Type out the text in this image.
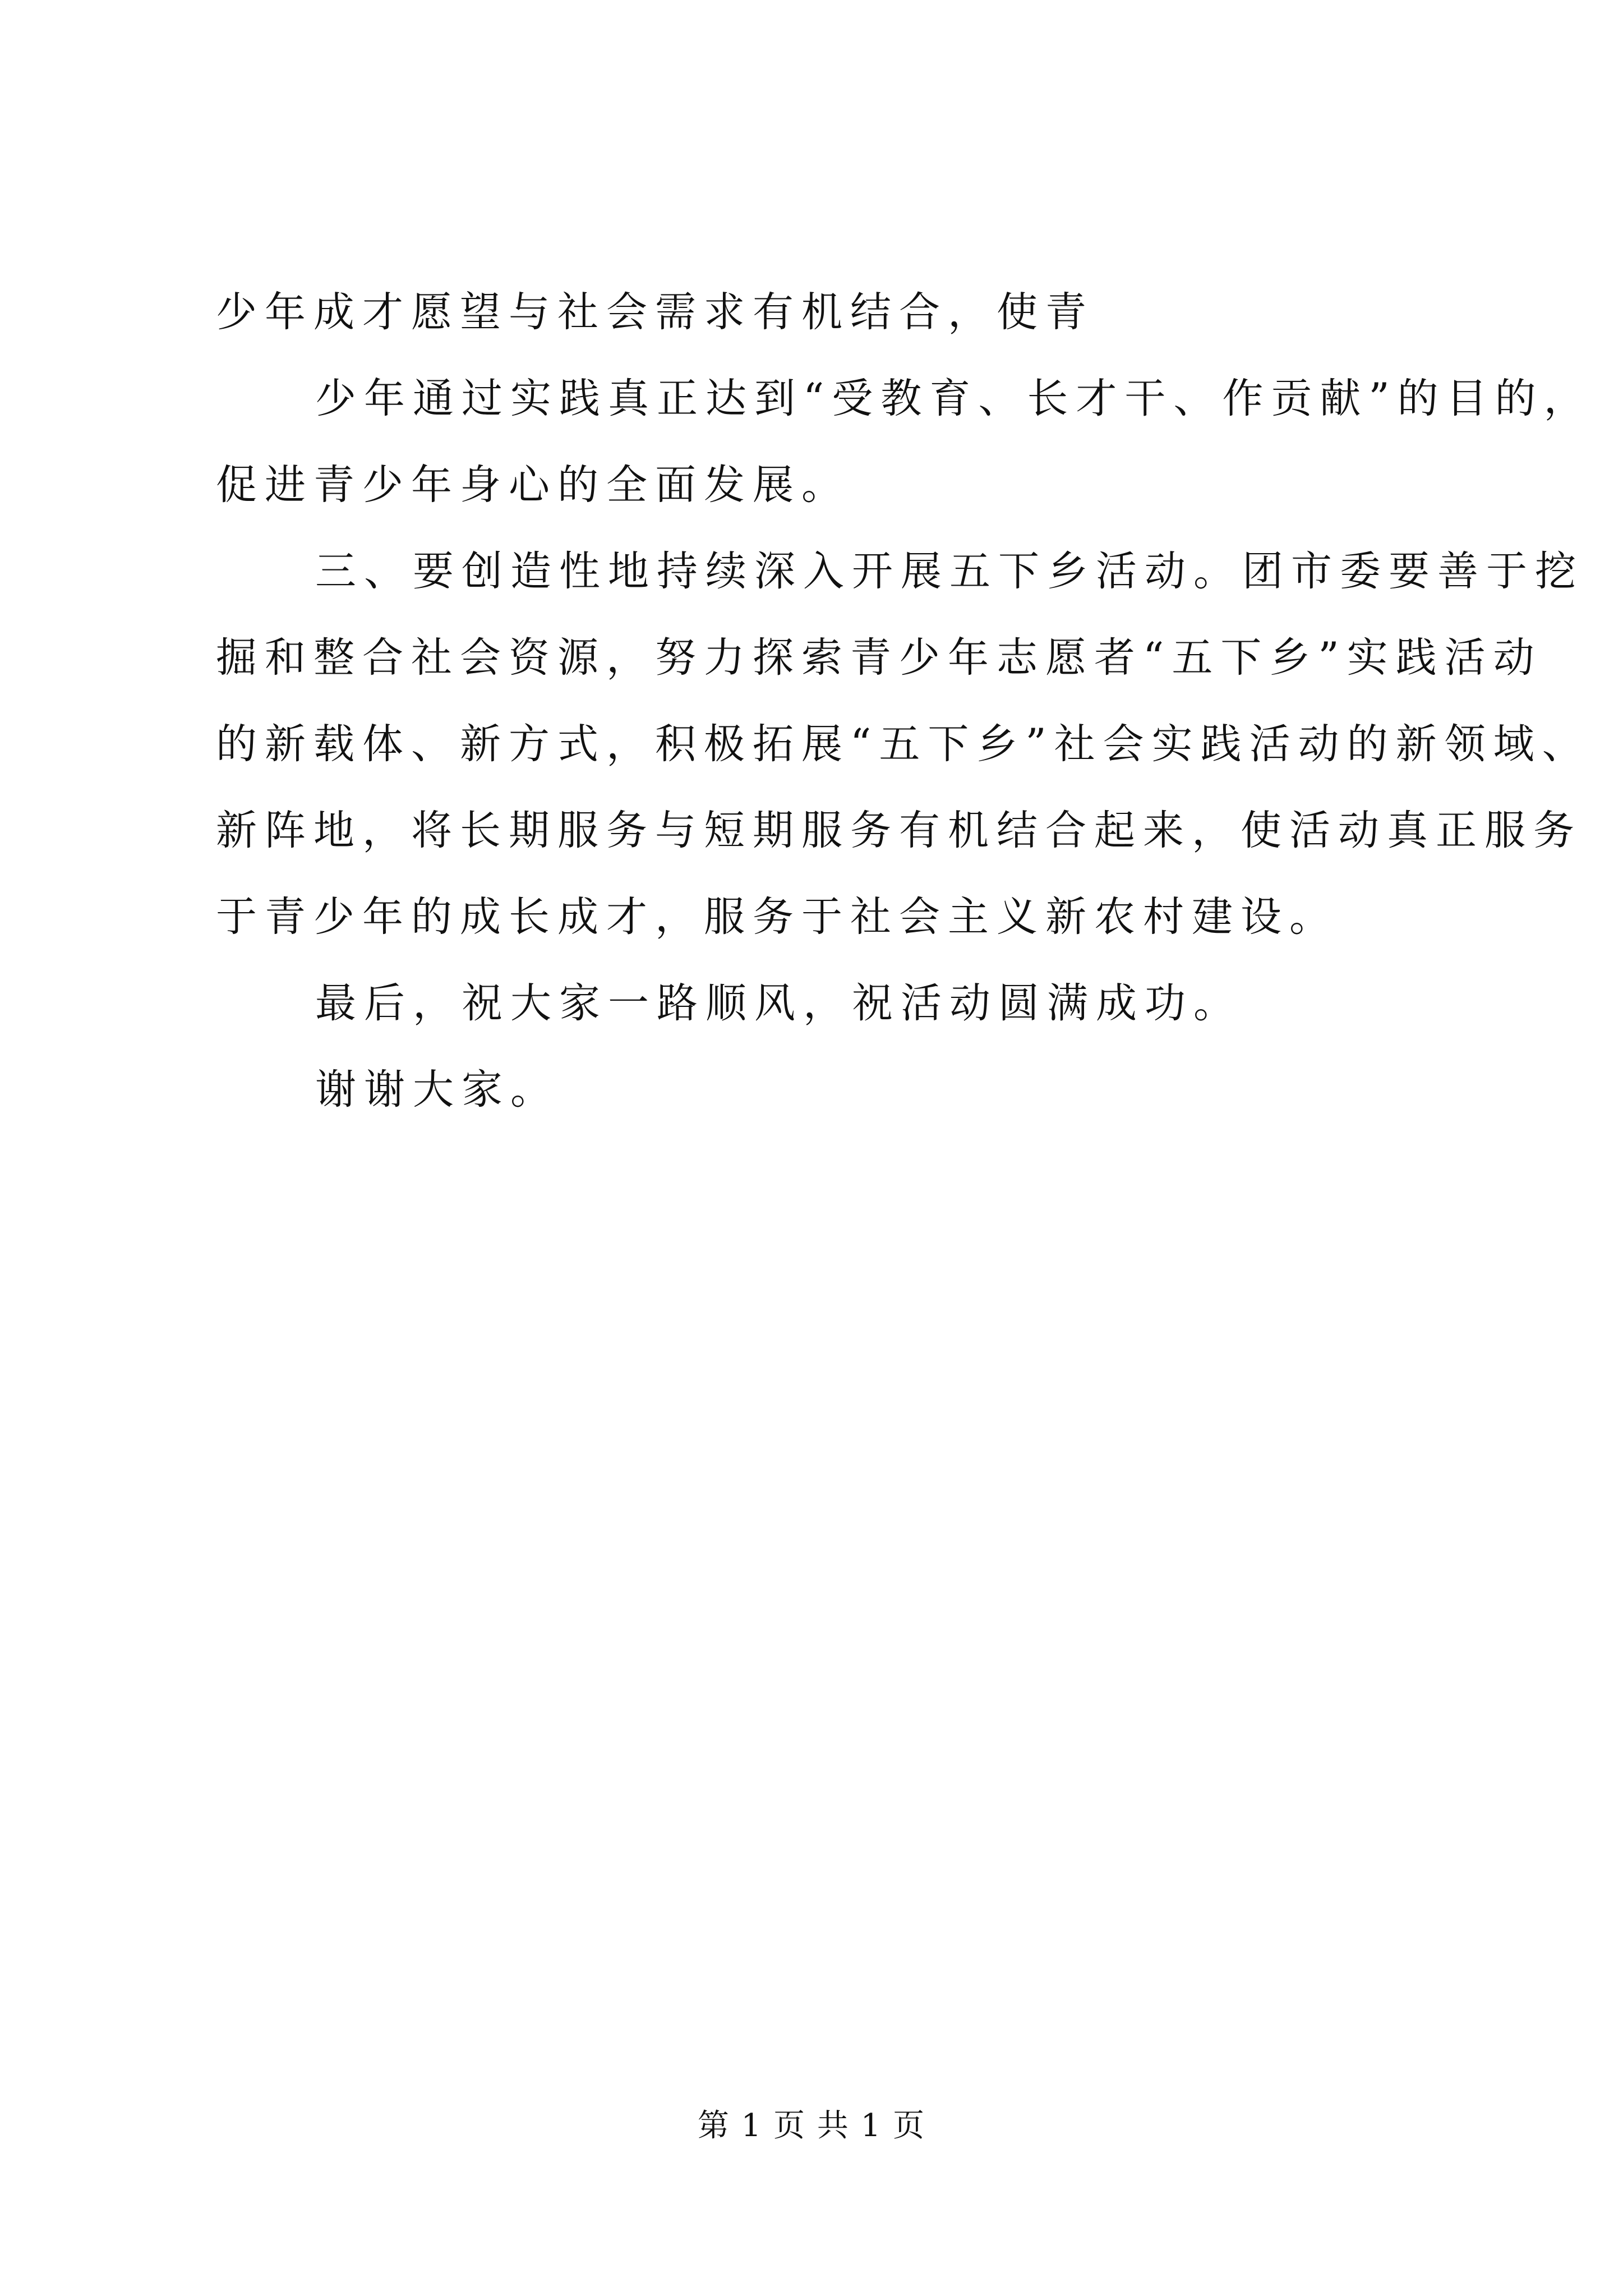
少年成才愿望与社会需求有机结合，使青
少年通过实践真正达到“受教育、长才干、作贡献”的目的，
促进青少年身心的全面发展。
三、要创造性地持续深入开展五下乡活动。团市委要善于挖
掘和整合社会资源，努力探索青少年志愿者“五下乡”实践活动
的新载体、新方式，积极拓展“五下乡”社会实践活动的新领域、
新阵地，将长期服务与短期服务有机结合起来，使活动真正服务
于青少年的成长成才，服务于社会主义新农村建设。
最后，祝大家一路顺风，祝活动圆满成功。
谢谢大家。
第 1 页 共 1 页
